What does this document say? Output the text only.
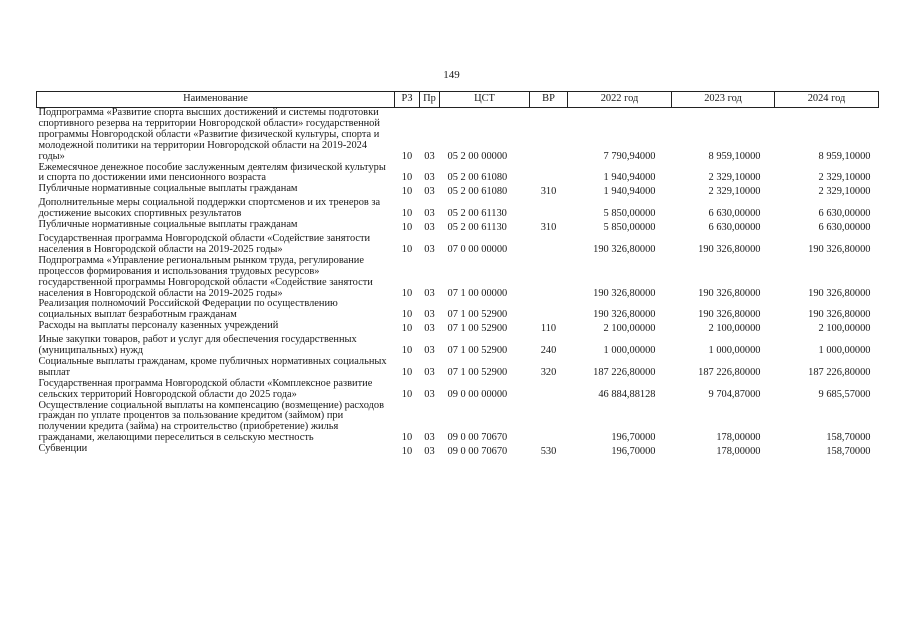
149
Наименование	РЗ	Пр	ЦСТ	ВР	2022 год	2023 год	2024 год
Подпрограмма «Развитие спорта высших достижений и системы подготовки спортивного резерва на территории Новгородской области» государственной программы Новгородской области «Развитие физической культуры, спорта и молодежной политики на территории Новгородской области на 2019-2024 годы»	10	03	05 2 00 00000		7 790,94000	8 959,10000	8 959,10000
Ежемесячное денежное пособие заслуженным деятелям физической культуры и спорта по достижении ими пенсионного возраста	10	03	05 2 00 61080		1 940,94000	2 329,10000	2 329,10000
Публичные нормативные социальные выплаты гражданам	10	03	05 2 00 61080	310	1 940,94000	2 329,10000	2 329,10000
Дополнительные меры социальной поддержки спортсменов и их тренеров за достижение высоких спортивных результатов	10	03	05 2 00 61130		5 850,00000	6 630,00000	6 630,00000
Публичные нормативные социальные выплаты гражданам	10	03	05 2 00 61130	310	5 850,00000	6 630,00000	6 630,00000
Государственная программа Новгородской области «Содействие занятости населения в Новгородской области на 2019-2025 годы»	10	03	07 0 00 00000		190 326,80000	190 326,80000	190 326,80000
Подпрограмма «Управление региональным рынком труда, регулирование процессов формирования и использования трудовых ресурсов» государственной программы Новгородской области «Содействие занятости населения в Новгородской области на 2019-2025 годы»	10	03	07 1 00 00000		190 326,80000	190 326,80000	190 326,80000
Реализация полномочий Российской Федерации по осуществлению социальных выплат безработным гражданам	10	03	07 1 00 52900		190 326,80000	190 326,80000	190 326,80000
Расходы на выплаты персоналу казенных учреждений	10	03	07 1 00 52900	110	2 100,00000	2 100,00000	2 100,00000
Иные закупки товаров, работ и услуг для обеспечения государственных (муниципальных) нужд	10	03	07 1 00 52900	240	1 000,00000	1 000,00000	1 000,00000
Социальные выплаты гражданам, кроме публичных нормативных социальных выплат	10	03	07 1 00 52900	320	187 226,80000	187 226,80000	187 226,80000
Государственная программа Новгородской области «Комплексное развитие сельских территорий Новгородской области до 2025 года»	10	03	09 0 00 00000		46 884,88128	9 704,87000	9 685,57000
Осуществление социальной выплаты на компенсацию (возмещение) расходов граждан по уплате процентов за пользование кредитом (займом) при получении кредита (займа) на строительство (приобретение) жилья гражданами, желающими переселиться в сельскую местность	10	03	09 0 00 70670		196,70000	178,00000	158,70000
Субвенции	10	03	09 0 00 70670	530	196,70000	178,00000	158,70000
